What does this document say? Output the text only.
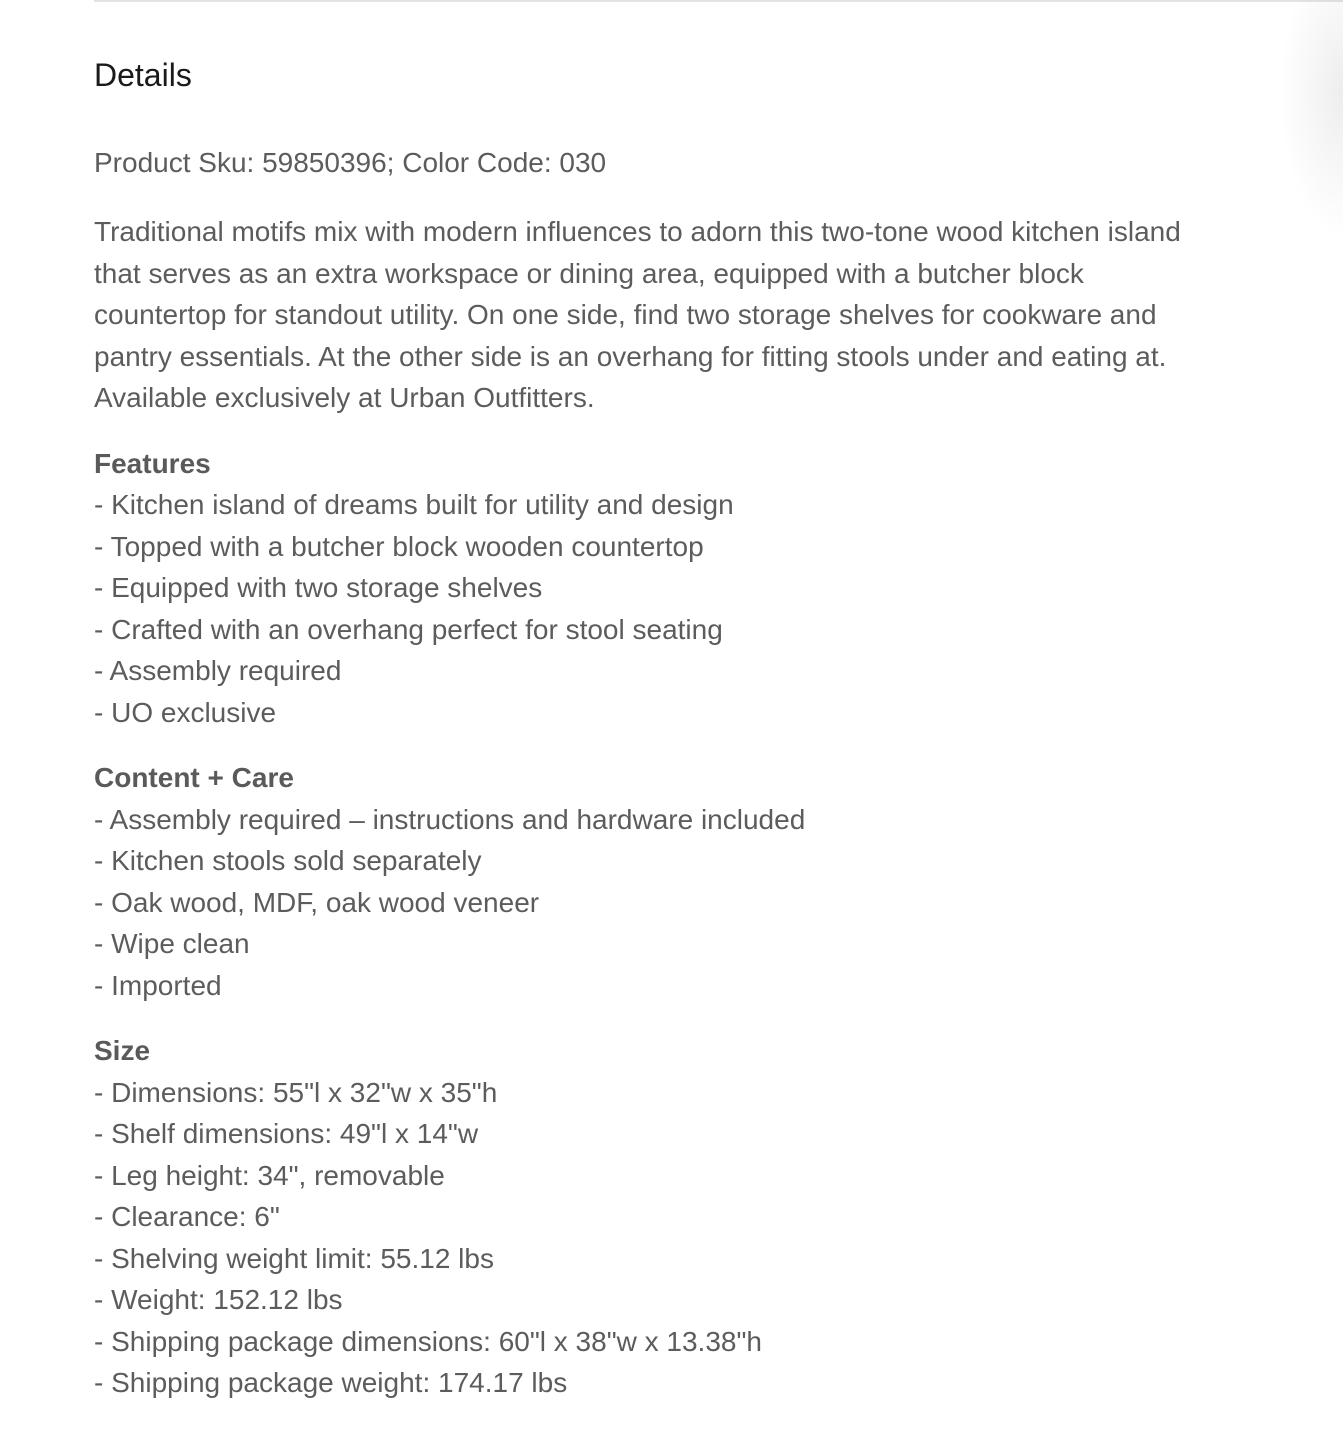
Details
Product Sku: 59850396; Color Code: 030
Traditional motifs mix with modern influences to adorn this two-tone wood kitchen island
that serves as an extra workspace or dining area, equipped with a butcher block
countertop for standout utility. On one side, find two storage shelves for cookware and
pantry essentials. At the other side is an overhang for fitting stools under and eating at.
Available exclusively at Urban Outfitters.
Features
- Kitchen island of dreams built for utility and design
- Topped with a butcher block wooden countertop
- Equipped with two storage shelves
- Crafted with an overhang perfect for stool seating
- Assembly required
- UO exclusive
Content + Care
- Assembly required – instructions and hardware included
- Kitchen stools sold separately
- Oak wood, MDF, oak wood veneer
- Wipe clean
- Imported
Size
- Dimensions: 55"l x 32"w x 35"h
- Shelf dimensions: 49"l x 14"w
- Leg height: 34", removable
- Clearance: 6"
- Shelving weight limit: 55.12 lbs
- Weight: 152.12 lbs
- Shipping package dimensions: 60"l x 38"w x 13.38"h
- Shipping package weight: 174.17 lbs
